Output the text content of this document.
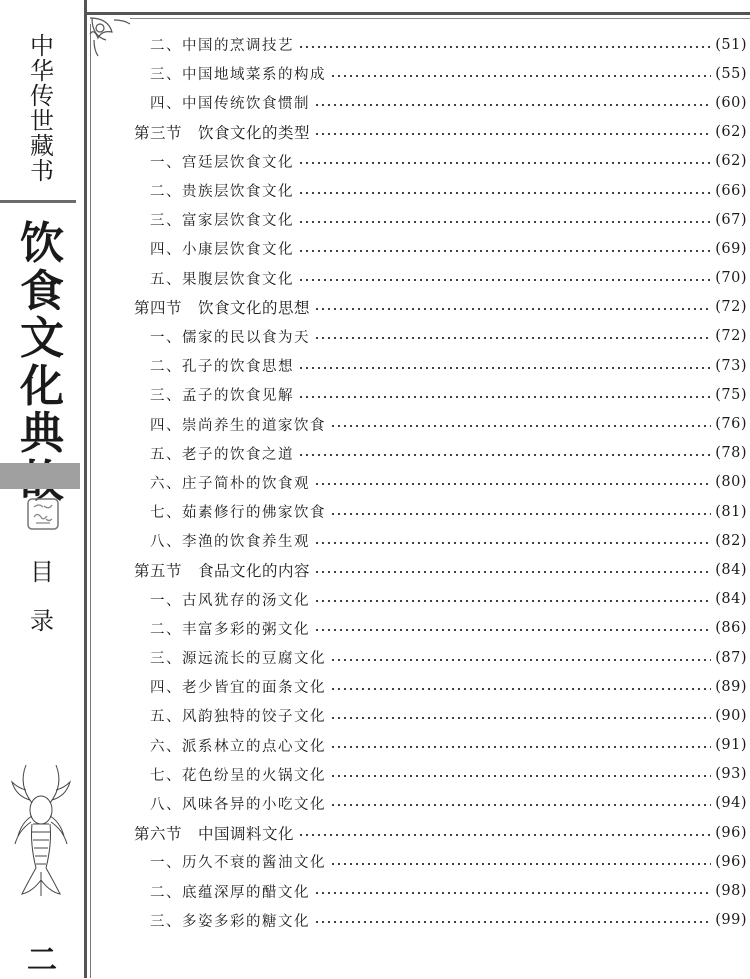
中
华
传
世
藏
书
饮
食
文
化
典
目
录
二
二、中国的烹调技艺	(51)
三、中国地域菜系的构成	(55)
四、中国传统饮食惯制	(60)
第三节　饮食文化的类型	(62)
一、宫廷层饮食文化	(62)
二、贵族层饮食文化	(66)
三、富家层饮食文化	(67)
四、小康层饮食文化	(69)
五、果腹层饮食文化	(70)
第四节　饮食文化的思想	(72)
一、儒家的民以食为天	(72)
二、孔子的饮食思想	(73)
三、孟子的饮食见解	(75)
四、崇尚养生的道家饮食	(76)
五、老子的饮食之道	(78)
六、庄子简朴的饮食观	(80)
七、茹素修行的佛家饮食	(81)
八、李渔的饮食养生观	(82)
第五节　食品文化的内容	(84)
一、古风犹存的汤文化	(84)
二、丰富多彩的粥文化	(86)
三、源远流长的豆腐文化	(87)
四、老少皆宜的面条文化	(89)
五、风韵独特的饺子文化	(90)
六、派系林立的点心文化	(91)
七、花色纷呈的火锅文化	(93)
八、风味各异的小吃文化	(94)
第六节　中国调料文化	(96)
一、历久不衰的酱油文化	(96)
二、底蕴深厚的醋文化	(98)
三、多姿多彩的糖文化	(99)
